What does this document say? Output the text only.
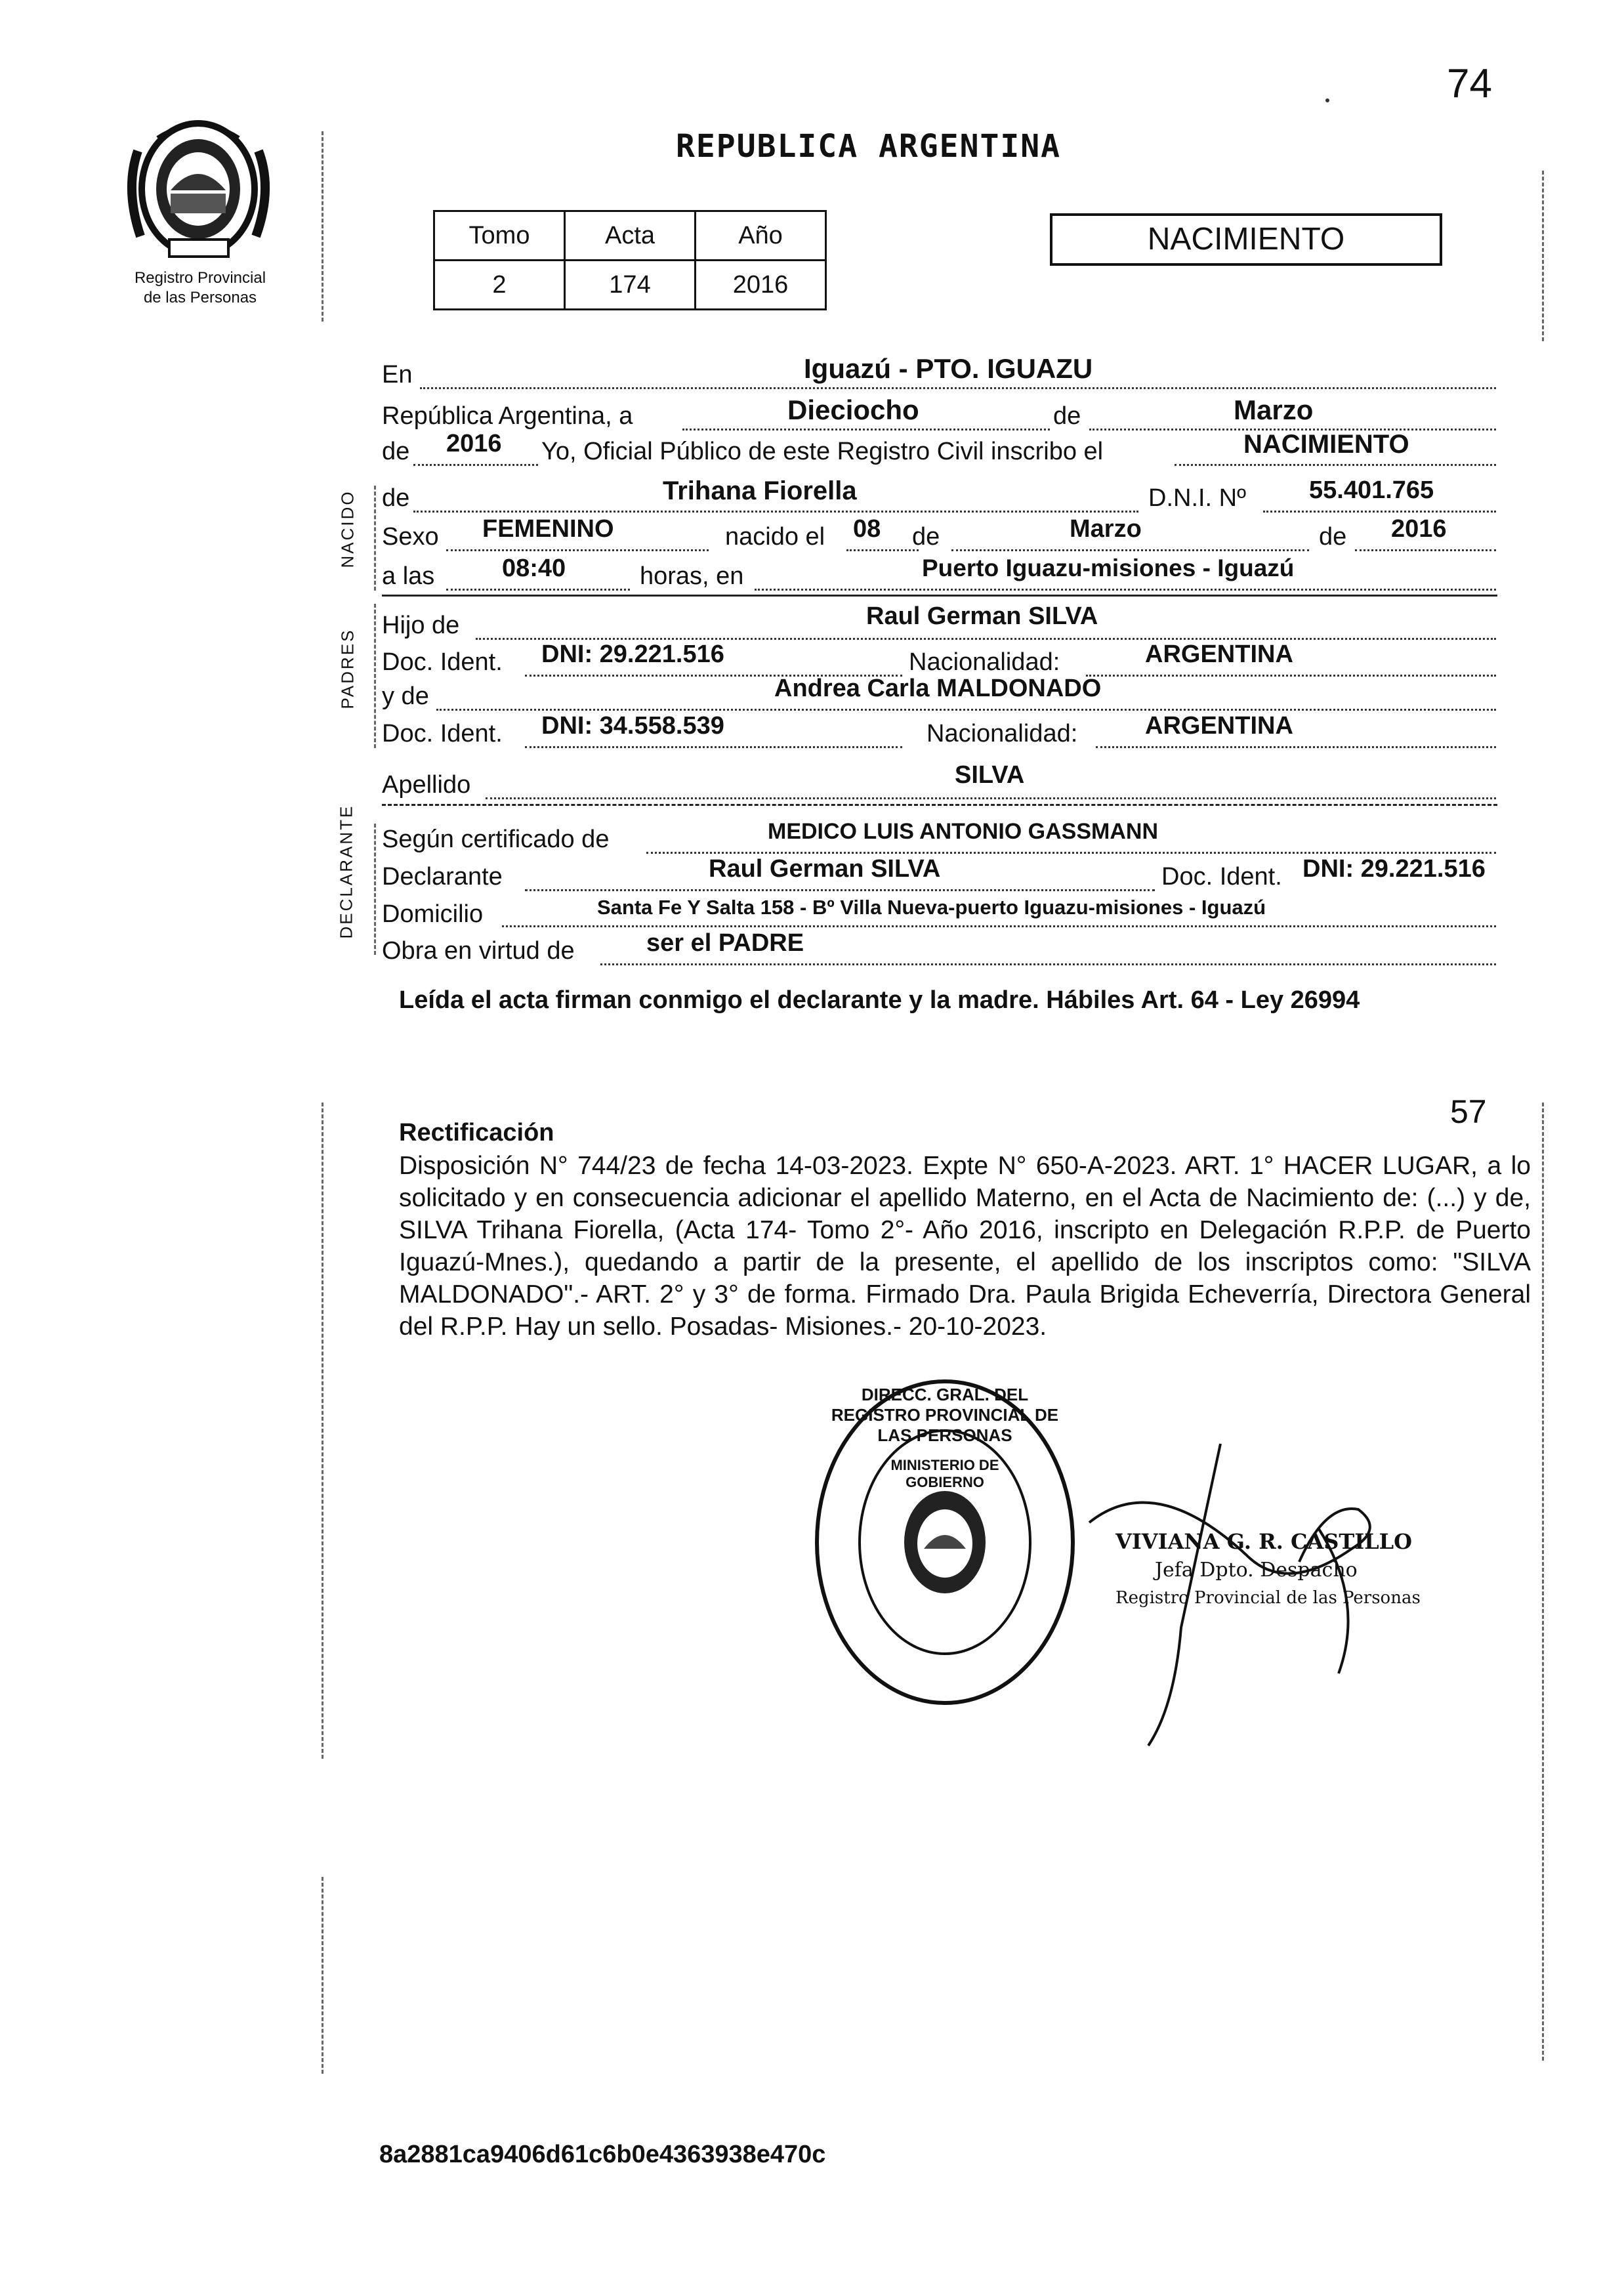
74
Registro Provincial
de las Personas
REPUBLICA ARGENTINA
Tomo	Acta	Año
2	174	2016
NACIMIENTO
NACIDO
PADRES
DECLARANTE
En	Iguazú - PTO. IGUAZU
República Argentina, a	Dieciocho	de	Marzo
de 2016 Yo, Oficial Público de este Registro Civil inscribo el	NACIMIENTO
de	Trihana Fiorella	D.N.I. Nº	55.401.765
Sexo FEMENINO	nacido el 08 de	Marzo	de 2016
a las	08:40	horas, en	Puerto Iguazu-misiones - Iguazú
Hijo de	Raul German SILVA
Doc. Ident. DNI: 29.221.516	Nacionalidad:	ARGENTINA
y de	Andrea Carla MALDONADO
Doc. Ident. DNI: 34.558.539	Nacionalidad:	ARGENTINA
Apellido	SILVA
Según certificado de	MEDICO LUIS ANTONIO GASSMANN
Declarante	Raul German SILVA	Doc. Ident. DNI: 29.221.516
Domicilio	Santa Fe Y Salta 158 - Bº Villa Nueva-puerto Iguazu-misiones - Iguazú
Obra en virtud de	ser el PADRE
Leída el acta firman conmigo el declarante y la madre. Hábiles Art. 64 - Ley 26994
57
Rectificación
Disposición N° 744/23 de fecha 14-03-2023. Expte N° 650-A-2023. ART. 1° HACER LUGAR, a lo solicitado y en consecuencia adicionar el apellido Materno, en el Acta de Nacimiento de: (...) y de, SILVA Trihana Fiorella, (Acta 174- Tomo 2°- Año 2016, inscripto en Delegación R.P.P. de Puerto Iguazú-Mnes.), quedando a partir de la presente, el apellido de los inscriptos como: "SILVA MALDONADO".- ART. 2° y 3° de forma. Firmado Dra. Paula Brigida Echeverría, Directora General del R.P.P. Hay un sello. Posadas- Misiones.- 20-10-2023.
DIRECC. GRAL. DEL REGISTRO PROVINCIAL DE LAS PERSONAS
MINISTERIO DE GOBIERNO
VIVIANA G. R. CASTILLO
Jefa Dpto. Despacho
Registro Provincial de las Personas
8a2881ca9406d61c6b0e4363938e470c
